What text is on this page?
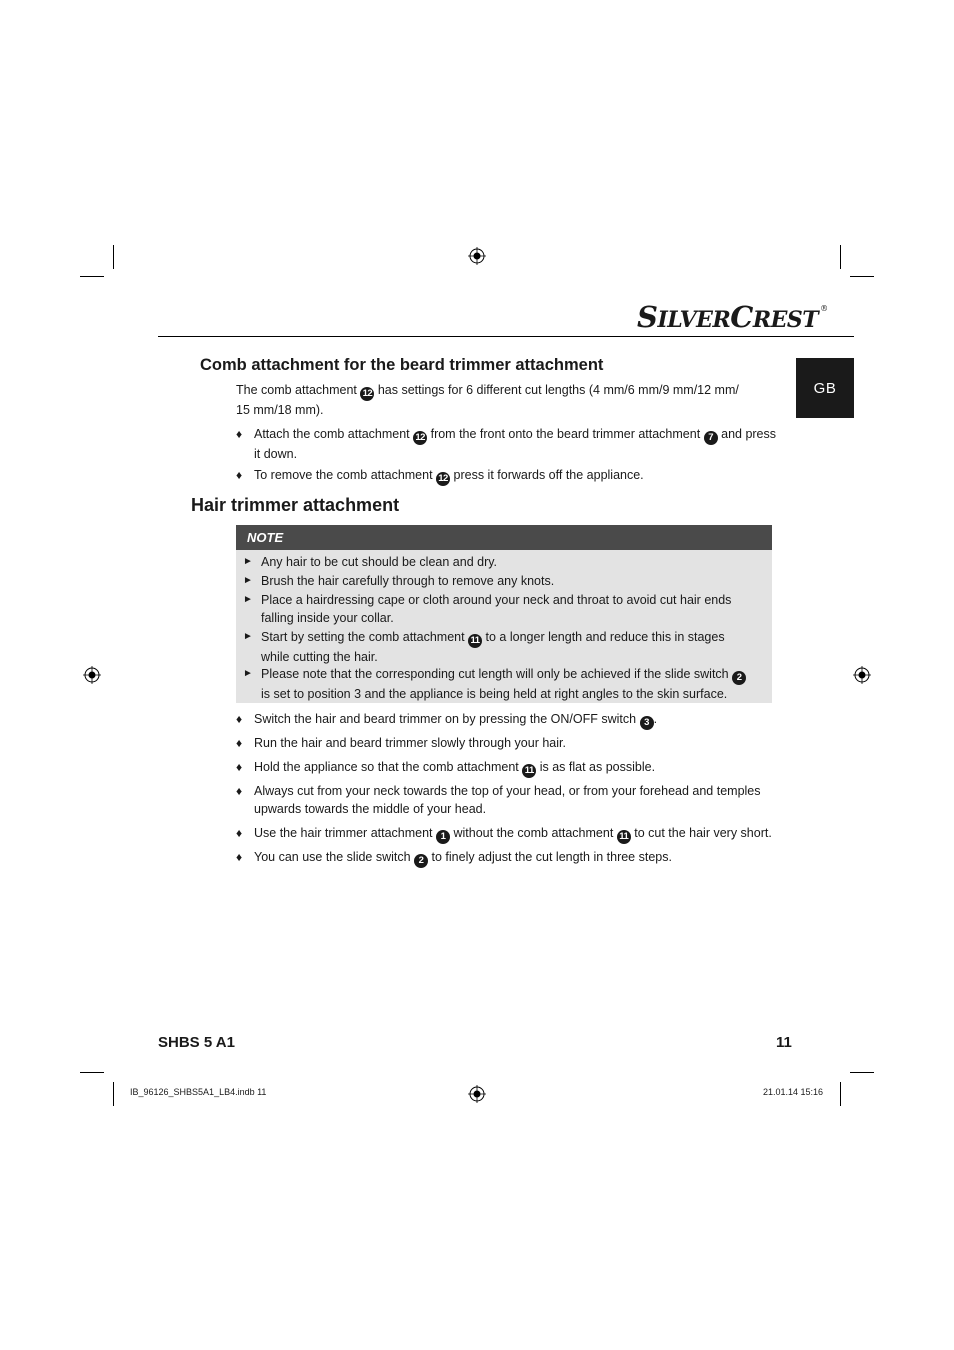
SILVERCREST ®
GB
Comb attachment for the beard trimmer attachment
The comb attachment 12 has settings for 6 different cut lengths (4 mm/6 mm/9 mm/12 mm/ 15 mm/18 mm).
♦ Attach the comb attachment 12 from the front onto the beard trimmer attachment 7 and press it down.
♦ To remove the comb attachment 12 press it forwards off the appliance.
Hair trimmer attachment
NOTE
► Any hair to be cut should be clean and dry.
► Brush the hair carefully through to remove any knots.
► Place a hairdressing cape or cloth around your neck and throat to avoid cut hair ends falling inside your collar.
► Start by setting the comb attachment 11 to a longer length and reduce this in stages while cutting the hair.
► Please note that the corresponding cut length will only be achieved if the slide switch 2 is set to position 3 and the appliance is being held at right angles to the skin surface.
♦ Switch the hair and beard trimmer on by pressing the ON/OFF switch 3 .
♦ Run the hair and beard trimmer slowly through your hair.
♦ Hold the appliance so that the comb attachment 11 is as flat as possible.
♦ Always cut from your neck towards the top of your head, or from your forehead and temples upwards towards the middle of your head.
♦ Use the hair trimmer attachment 1 without the comb attachment 11 to cut the hair very short.
♦ You can use the slide switch 2 to finely adjust the cut length in three steps.
SHBS 5 A1	11
IB_96126_SHBS5A1_LB4.indb 11	21.01.14 15:16
